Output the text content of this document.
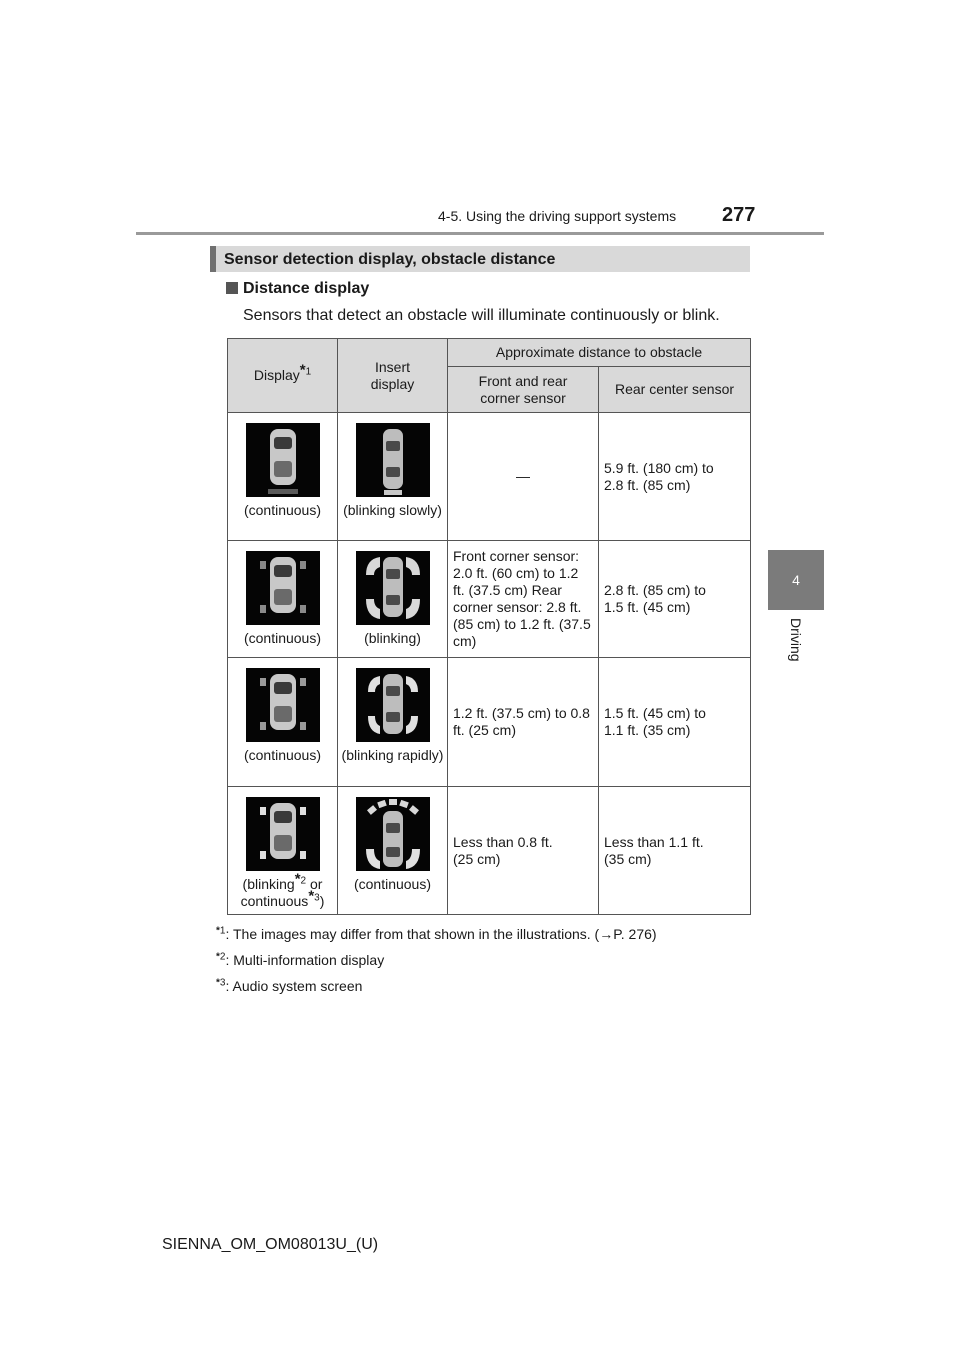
4-5. Using the driving support systems 277
4
Driving
Sensor detection display, obstacle distance
Distance display
Sensors that detect an obstacle will illuminate continuously or blink.
Display$^{*1}$	Insert display	Approximate distance to obstacle	
		Front and rear corner sensor	Rear center sensor

(continuous)	(blinking slowly)	—	5.9 ft. (180 cm) to 2.8 ft. (85 cm)

(continuous)	(blinking)	Front corner sensor: 2.0 ft. (60 cm) to 1.2 ft. (37.5 cm) Rear corner sensor: 2.8 ft. (85 cm) to 1.2 ft. (37.5 cm)	2.8 ft. (85 cm) to 1.5 ft. (45 cm)

(continuous)	(blinking rapidly)	1.2 ft. (37.5 cm) to 0.8 ft. (25 cm)	1.5 ft. (45 cm) to 1.1 ft. (35 cm)

(blinking$^{*2}$ or
continuous$^{*3}$)	(continuous)	Less than 0.8 ft. (25 cm)	Less than 1.1 ft. (35 cm)
$^{*1}$: The images may differ from that shown in the illustrations. (→P. 276)
$^{*2}$: Multi-information display
$^{*3}$: Audio system screen
SIENNA_OM_OM08013U_(U)
